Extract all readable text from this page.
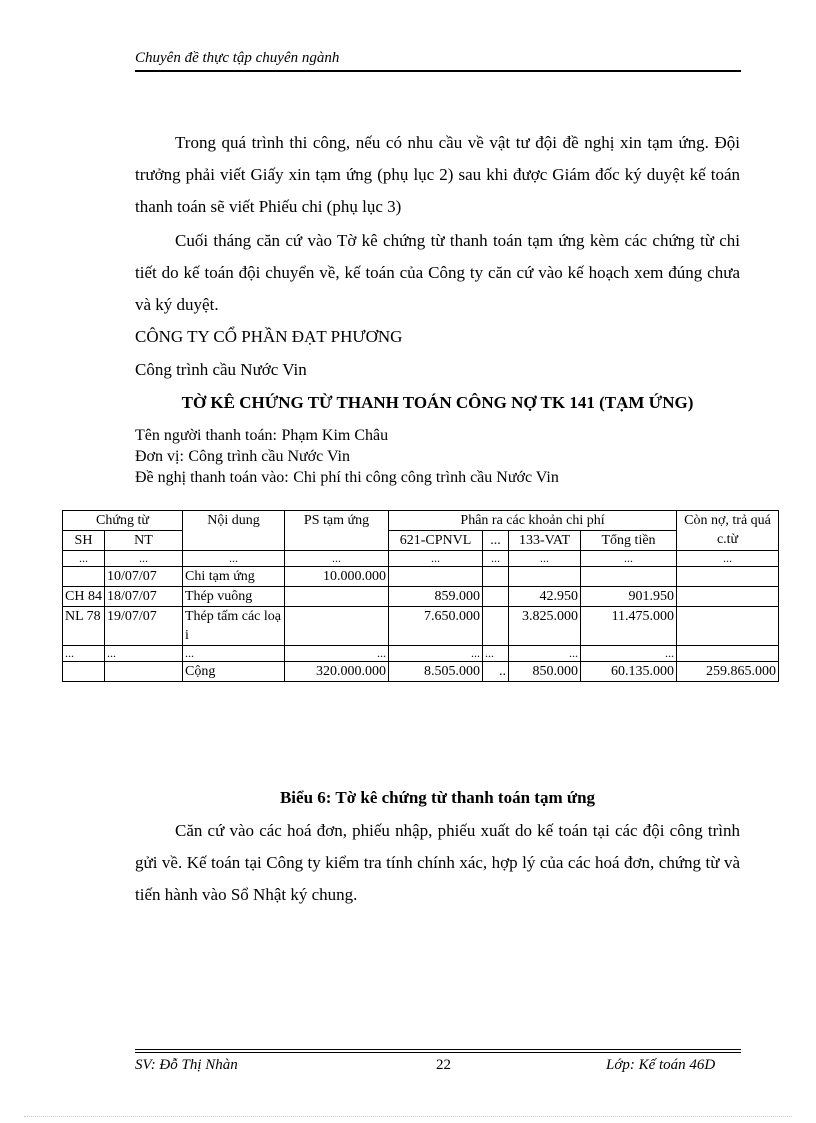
Chuyên đề thực tập chuyên ngành

Trong quá trình thi công, nếu có nhu cầu về vật tư đội đề nghị xin tạm ứng. Đội trưởng phải viết Giấy xin tạm ứng (phụ lục 2) sau khi được Giám đốc ký duyệt kế toán thanh toán sẽ viết Phiếu chi (phụ lục 3)

Cuối tháng căn cứ vào Tờ kê chứng từ thanh toán tạm ứng kèm các chứng từ chi tiết do kế toán đội chuyển về, kế toán của Công ty căn cứ vào kế hoạch xem đúng chưa và ký duyệt.

CÔNG TY CỔ PHẦN ĐẠT PHƯƠNG
Công trình cầu Nước Vin
TỜ KÊ CHỨNG TỪ THANH TOÁN CÔNG NỢ TK 141 (TẠM ỨNG)
Tên người thanh toán: Phạm Kim Châu
Đơn vị: Công trình cầu Nước Vin
Đề nghị thanh toán vào: Chi phí thi công công trình cầu Nước Vin
Chứng từ		Nội dung	PS tạm ứng	Phân ra các khoản chi phí				Còn nợ, trả quá c.từ
SH	NT			621-CPNVL	...	133-VAT	Tổng tiền	
...	...	...	...	...	...	...	...	...
	10/07/07	Chi tạm ứng	10.000.000					
CH 84	18/07/07	Thép vuông		859.000		42.950	901.950	
NL 78	19/07/07	Thép tấm các loại		7.650.000		3.825.000	11.475.000	
...	...	...	...	...	...	...	...	
		Cộng	320.000.000	8.505.000	..	850.000	60.135.000	259.865.000
Biểu 6: Tờ kê chứng từ thanh toán tạm ứng

Căn cứ vào các hoá đơn, phiếu nhập, phiếu xuất do kế toán tại các đội công trình gửi về. Kế toán tại Công ty kiểm tra tính chính xác, hợp lý của các hoá đơn, chứng từ và tiến hành vào Sổ Nhật ký chung.

SV: Đỗ Thị Nhàn	22	Lớp: Kế toán 46D
